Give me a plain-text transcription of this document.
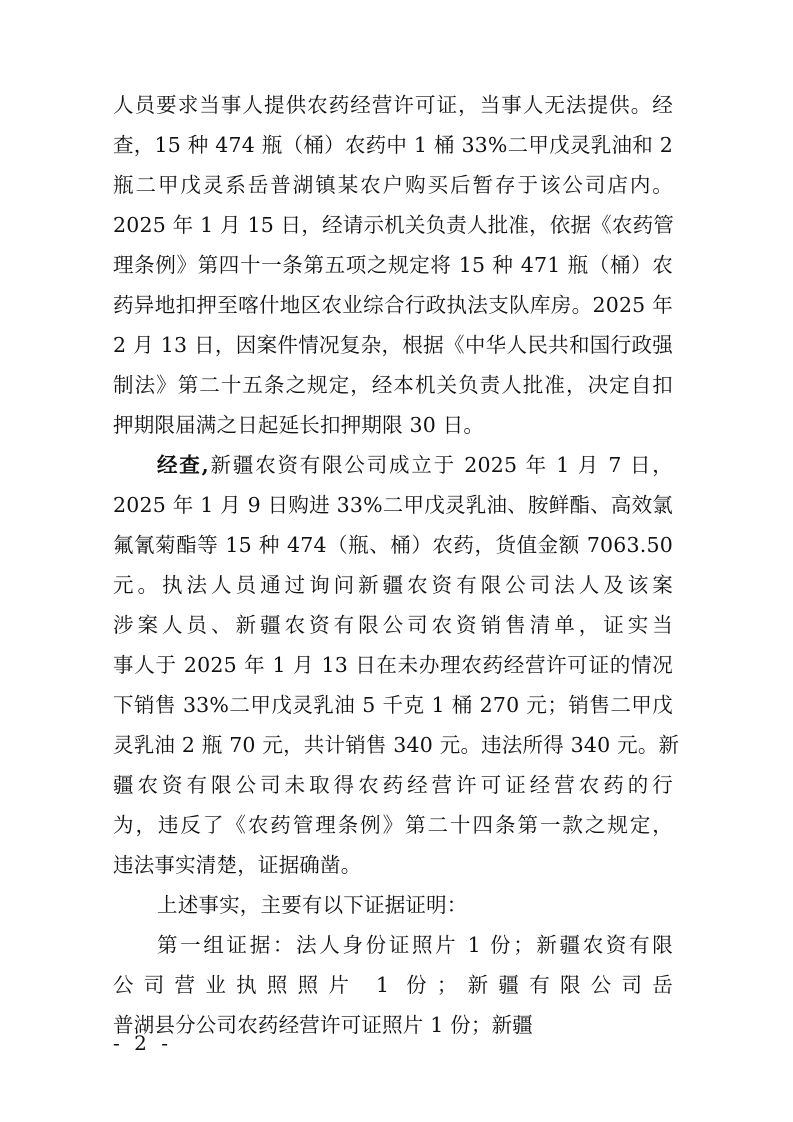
人员要求当事人提供农药经营许可证，当事人无法提供。经
查，15 种 474 瓶（桶）农药中 1 桶 33%二甲戊灵乳油和 2
瓶二甲戊灵系岳普湖镇某农户购买后暂存于该公司店内。
2025 年 1 月 15 日，经请示机关负责人批准，依据《农药管
理条例》第四十一条第五项之规定将 15 种 471 瓶（桶）农
药异地扣押至喀什地区农业综合行政执法支队库房。2025 年
2 月 13 日，因案件情况复杂，根据《中华人民共和国行政强
制法》第二十五条之规定，经本机关负责人批准，决定自扣
押期限届满之日起延长扣押期限 30 日。
经查,新疆农资有限公司成立于 2025 年 1 月 7 日，
2025 年 1 月 9 日购进 33%二甲戊灵乳油、胺鲜酯、高效氯
氟氰菊酯等 15 种 474（瓶、桶）农药，货值金额 7063.50
元。执法人员通过询问新疆农资有限公司法人及该案
涉案人员、新疆农资有限公司农资销售清单，证实当
事人于 2025 年 1 月 13 日在未办理农药经营许可证的情况
下销售 33%二甲戊灵乳油 5 千克 1 桶 270 元；销售二甲戊
灵乳油 2 瓶 70 元，共计销售 340 元。违法所得 340 元。新
疆农资有限公司未取得农药经营许可证经营农药的行
为，违反了《农药管理条例》第二十四条第一款之规定，
违法事实清楚，证据确凿。
上述事实，主要有以下证据证明：
第一组证据：法人身份证照片 1 份；新疆农资有限
公司营业执照照片 1 份；新疆有限公司岳
普湖县分公司农药经营许可证照片 1 份；新疆
- 2 -
